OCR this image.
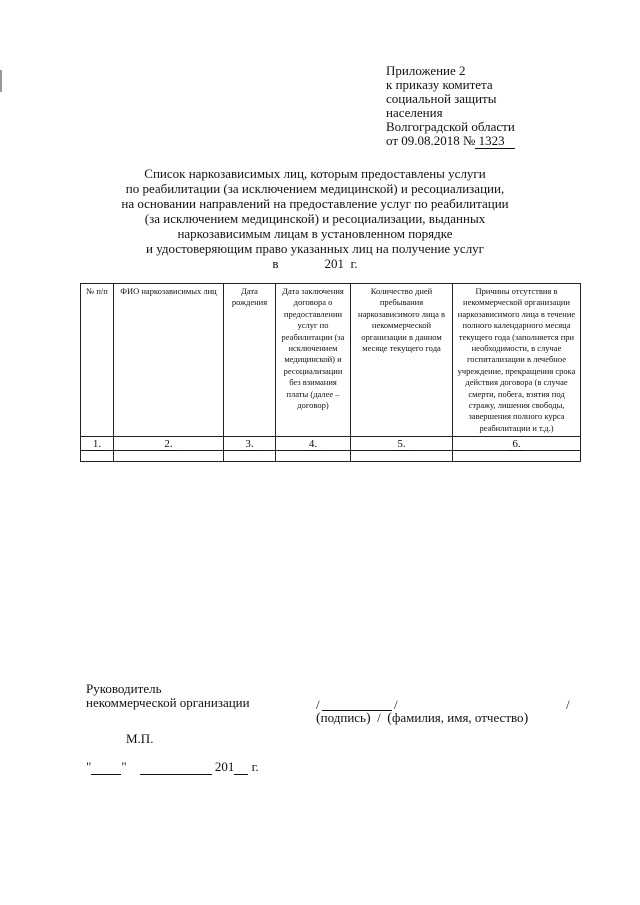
Приложение 2
к приказу комитета
социальной защиты
населения
Волгоградской области
от 09.08.2018 № 1323
Список наркозависимых лиц, которым предоставлены услуги
по реабилитации (за исключением медицинской) и ресоциализации,
на основании направлений на предоставление услуг по реабилитации
(за исключением медицинской) и ресоциализации, выданных
наркозависимым лицам в установленном порядке
и удостоверяющим право указанных лиц на получение услуг
в	201 г.
№ п/п	ФИО наркозависимых лиц	Дата рождения	Дата заключения договора о предоставлении услуг по реабилитации (за исключением медицинской) и ресоциализации без взимания платы (далее – договор)	Количество дней пребывания наркозависимого лица в некоммерческой организации в данном месяце текущего года	Причины отсутствия в некоммерческой организации наркозависимого лица в течение полного календарного месяца текущего года (заполняется при необходимости, в случае госпитализации в лечебное учреждение, прекращения срока действия договора (в случае смерти, побега, взятия под стражу, лишения свободы, завершения полного курса реабилитации и т.д.)
1.	2.	3.	4.	5.	6.

Руководитель
некоммерческой организации	/	/	/
(подпись)  /  (фамилия, имя, отчество)
М.П.
" "	201 г.
